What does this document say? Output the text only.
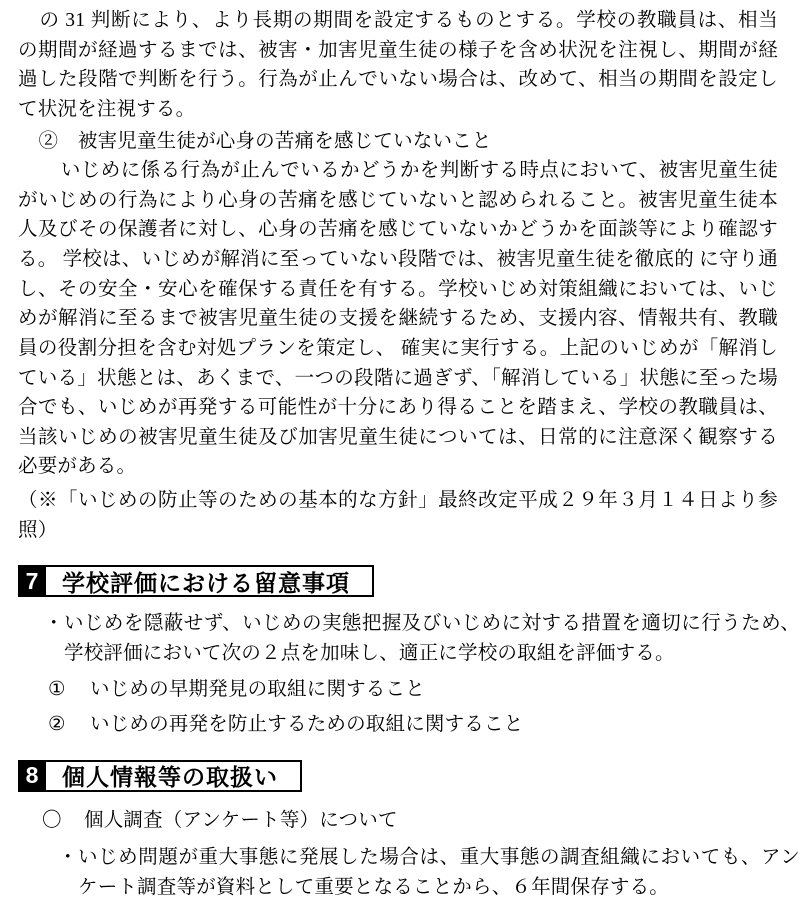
の 31 判断により、より長期の期間を設定するものとする。学校の教職員は、相当の期間が経過するまでは、被害・加害児童生徒の様子を含め状況を注視し、期間が経過した段階で判断を行う。行為が止んでいない場合は、改めて、相当の期間を設定して状況を注視する。

②　被害児童生徒が心身の苦痛を感じていないこと

いじめに係る行為が止んでいるかどうかを判断する時点において、被害児童生徒がいじめの行為により心身の苦痛を感じていないと認められること。被害児童生徒本人及びその保護者に対し、心身の苦痛を感じていないかどうかを面談等により確認する。 学校は、いじめが解消に至っていない段階では、被害児童生徒を徹底的 に守り通し、その安全・安心を確保する責任を有する。学校いじめ対策組織においては、いじめが解消に至るまで被害児童生徒の支援を継続するため、支援内容、情報共有、教職員の役割分担を含む対処プランを策定し、 確実に実行する。上記のいじめが「解消している」状態とは、あくまで、一つの段階に過ぎず、「解消している」状態に至った場合でも、いじめが再発する可能性が十分にあり得ることを踏まえ、学校の教職員は、当該いじめの被害児童生徒及び加害児童生徒については、日常的に注意深く観察する必要がある。

（※「いじめの防止等のための基本的な方針」最終改定平成２９年３月１４日より参照）

7	学校評価における留意事項
・ いじめを隠蔽せず、いじめの実態把握及びいじめに対する措置を適切に行うため、学校評価において次の２点を加味し、適正に学校の取組を評価する。
① いじめの早期発見の取組に関すること
② いじめの再発を防止するための取組に関すること
8	個人情報等の取扱い
〇 個人調査（アンケート等）について
・ いじめ問題が重大事態に発展した場合は、重大事態の調査組織においても、アンケート調査等が資料として重要となることから、６年間保存する。
